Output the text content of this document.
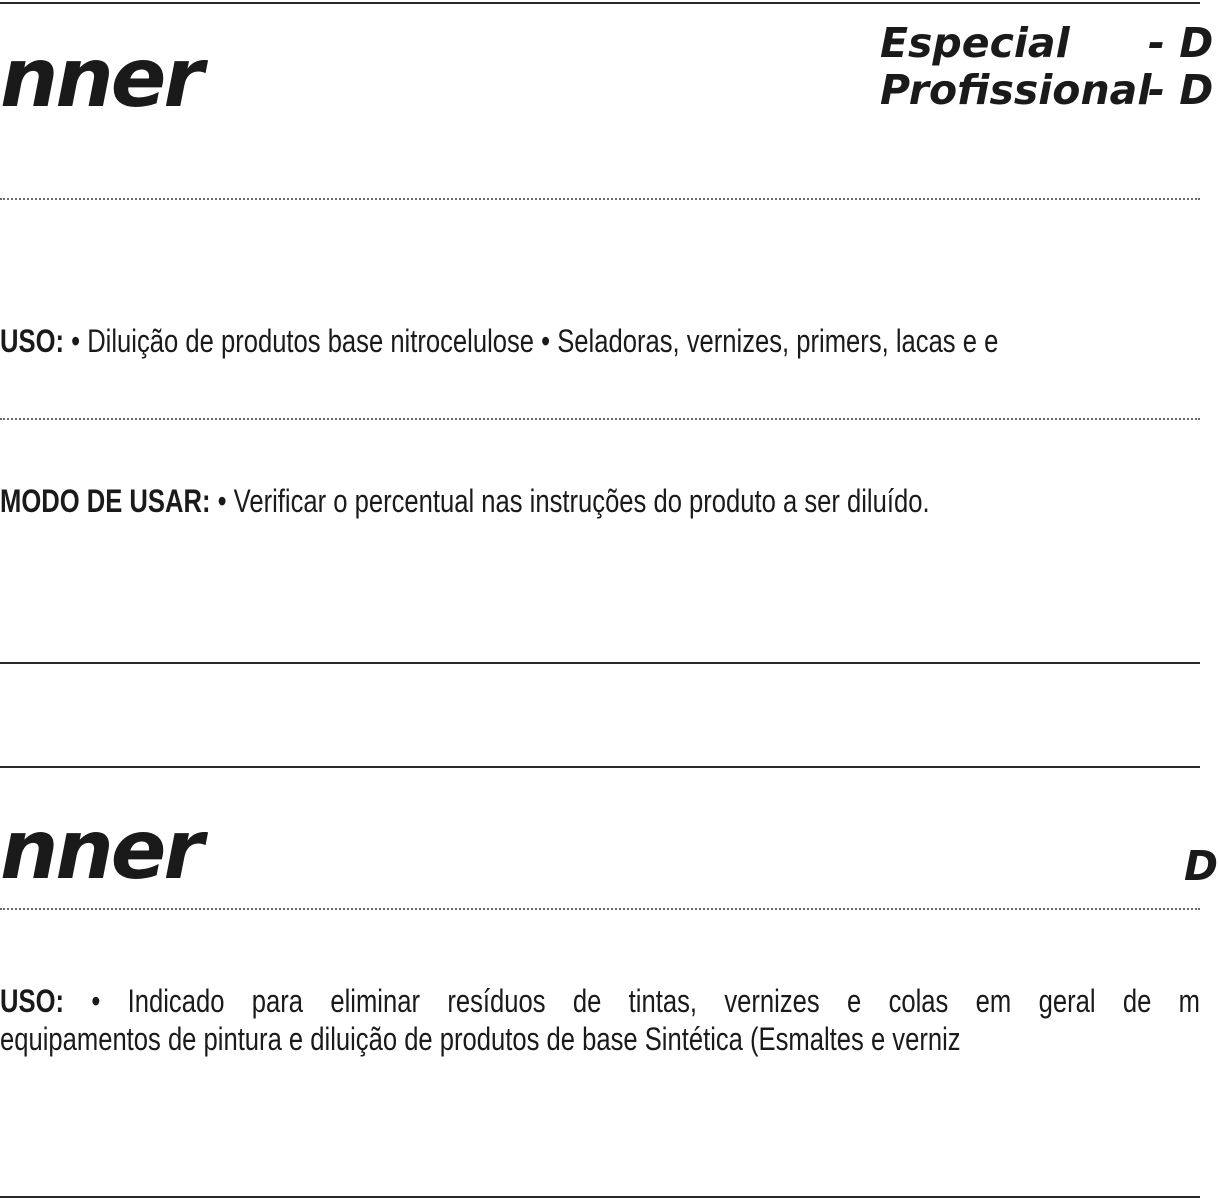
nner	Especial	- D
Profissional
- D

USO: • Diluição de produtos base nitrocelulose • Seladoras, vernizes, primers, lacas e e

MODO DE USAR: • Verificar o percentual nas instruções do produto a ser diluído.

nner	D

USO: • Indicado para eliminar resíduos de tintas, vernizes e colas em geral de m
equipamentos de pintura e diluição de produtos de base Sintética (Esmaltes e verniz
